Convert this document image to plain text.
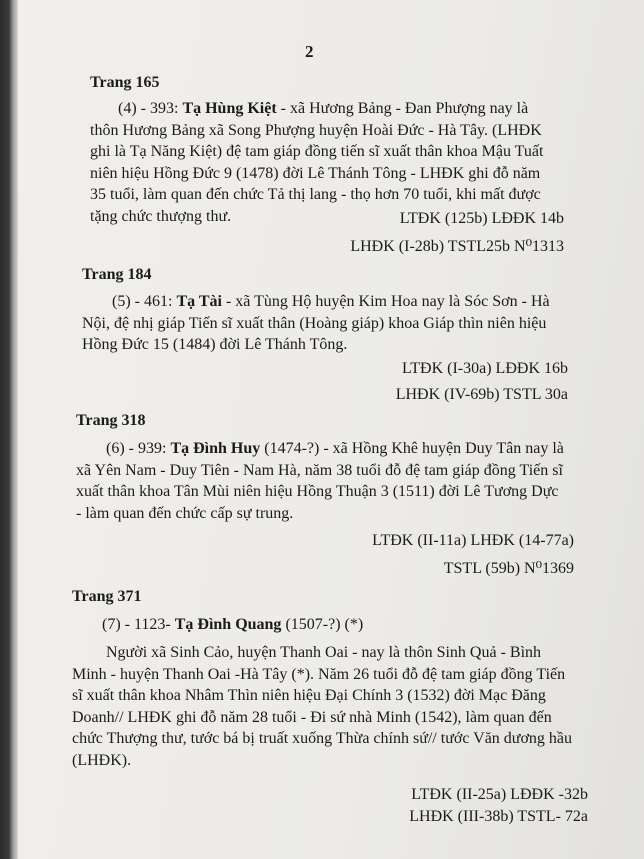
2
Trang 165

(4) - 393: Tạ Hùng Kiệt - xã Hương Bảng - Đan Phượng nay là thôn Hương Bảng xã Song Phượng huyện Hoài Đức - Hà Tây. (LHĐK ghi là Tạ Năng Kiệt) đệ tam giáp đồng tiến sĩ xuất thân khoa Mậu Tuất niên hiệu Hồng Đức 9 (1478) đời Lê Thánh Tông - LHĐK ghi đỗ năm 35 tuổi, làm quan đến chức Tả thị lang - thọ hơn 70 tuổi, khi mất được tặng chức thượng thư.	LTĐK (125b) LĐĐK 14b
LHĐK (I-28b) TSTL25b N⁰1313
Trang 184

(5) - 461: Tạ Tài - xã Tùng Hộ huyện Kim Hoa nay là Sóc Sơn - Hà Nội, đệ nhị giáp Tiến sĩ xuất thân (Hoàng giáp) khoa Giáp thìn niên hiệu Hồng Đức 15 (1484) đời Lê Thánh Tông.

LTĐK (I-30a) LĐĐK 16b
LHĐK (IV-69b) TSTL 30a
Trang 318

(6) - 939: Tạ Đình Huy (1474-?) - xã Hồng Khê huyện Duy Tân nay là xã Yên Nam - Duy Tiên - Nam Hà, năm 38 tuổi đỗ đệ tam giáp đồng Tiến sĩ xuất thân khoa Tân Mùi niên hiệu Hồng Thuận 3 (1511) đời Lê Tương Dực - làm quan đến chức cấp sự trung.

LTĐK (II-11a) LHĐK (14-77a)
TSTL (59b) N⁰1369
Trang 371

(7) - 1123- Tạ Đình Quang (1507-?) (*)

Người xã Sinh Cảo, huyện Thanh Oai - nay là thôn Sinh Quả - Bình Minh - huyện Thanh Oai -Hà Tây (*). Năm 26 tuổi đỗ đệ tam giáp đồng Tiến sĩ xuất thân khoa Nhâm Thìn niên hiệu Đại Chính 3 (1532) đời Mạc Đăng Doanh// LHĐK ghi đỗ năm 28 tuổi - Đi sứ nhà Minh (1542), làm quan đến chức Thượng thư, tước bá bị truất xuống Thừa chính sứ// tước Văn dương hầu (LHĐK).

LTĐK (II-25a) LĐĐK -32b
LHĐK (III-38b) TSTL- 72a
